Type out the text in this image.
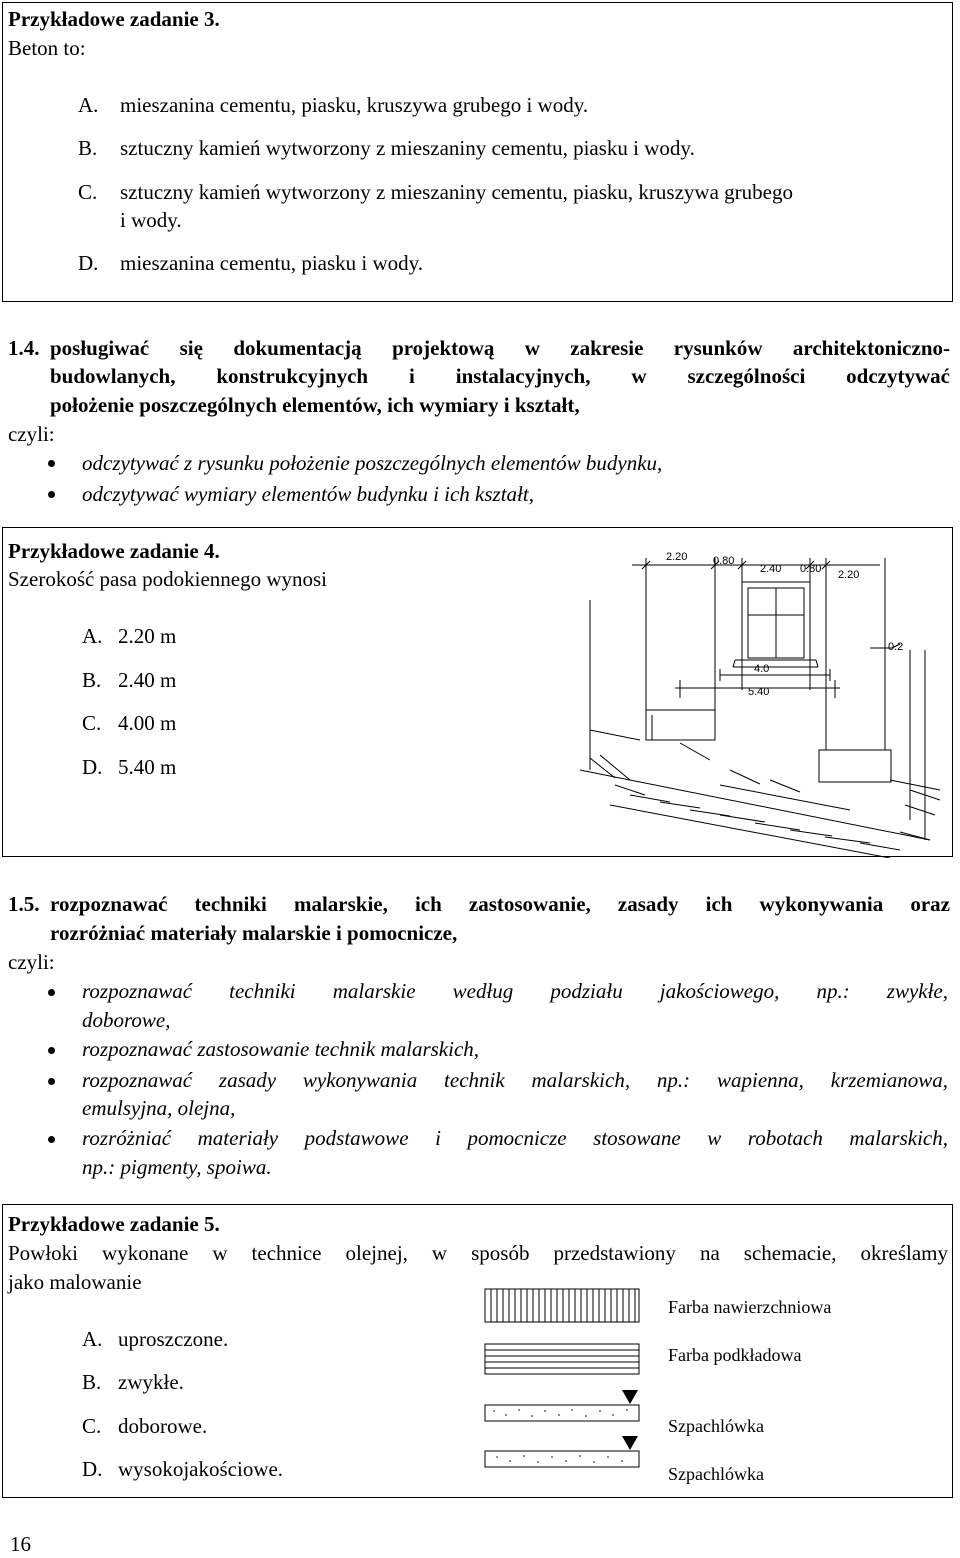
Przykładowe zadanie 3.
Beton to:
A. mieszanina cementu, piasku, kruszywa grubego i wody.
B. sztuczny kamień wytworzony z mieszaniny cementu, piasku i wody.
C. sztuczny kamień wytworzony z mieszaniny cementu, piasku, kruszywa grubego
i wody.
D. mieszanina cementu, piasku i wody.
1.4. posługiwać się dokumentacją projektową w zakresie rysunków architektoniczno-
budowlanych, konstrukcyjnych i instalacyjnych, w szczególności odczytywać
położenie poszczególnych elementów, ich wymiary i kształt,
czyli:
odczytywać z rysunku położenie poszczególnych elementów budynku,
odczytywać wymiary elementów budynku i ich kształt,
Przykładowe zadanie 4.
Szerokość pasa podokiennego wynosi
A. 2.20 m
B. 2.40 m
C. 4.00 m
D. 5.40 m
2.20 0.80
2.40 0.80 2.20
4.0
5.40
0.2
1.5. rozpoznawać techniki malarskie, ich zastosowanie, zasady ich wykonywania oraz
rozróżniać materiały malarskie i pomocnicze,
czyli:
rozpoznawać techniki malarskie według podziału jakościowego, np.: zwykłe,
doborowe,
rozpoznawać zastosowanie technik malarskich,
rozpoznawać zasady wykonywania technik malarskich, np.: wapienna, krzemianowa,
emulsyjna, olejna,
rozróżniać materiały podstawowe i pomocnicze stosowane w robotach malarskich,
np.: pigmenty, spoiwa.
Przykładowe zadanie 5.
Powłoki wykonane w technice olejnej, w sposób przedstawiony na schemacie, określamy
jako malowanie
A. uproszczone.
B. zwykłe.
C. doborowe.
D. wysokojakościowe.
Farba nawierzchniowa
Farba podkładowa
Szpachlówka
Szpachlówka
16
